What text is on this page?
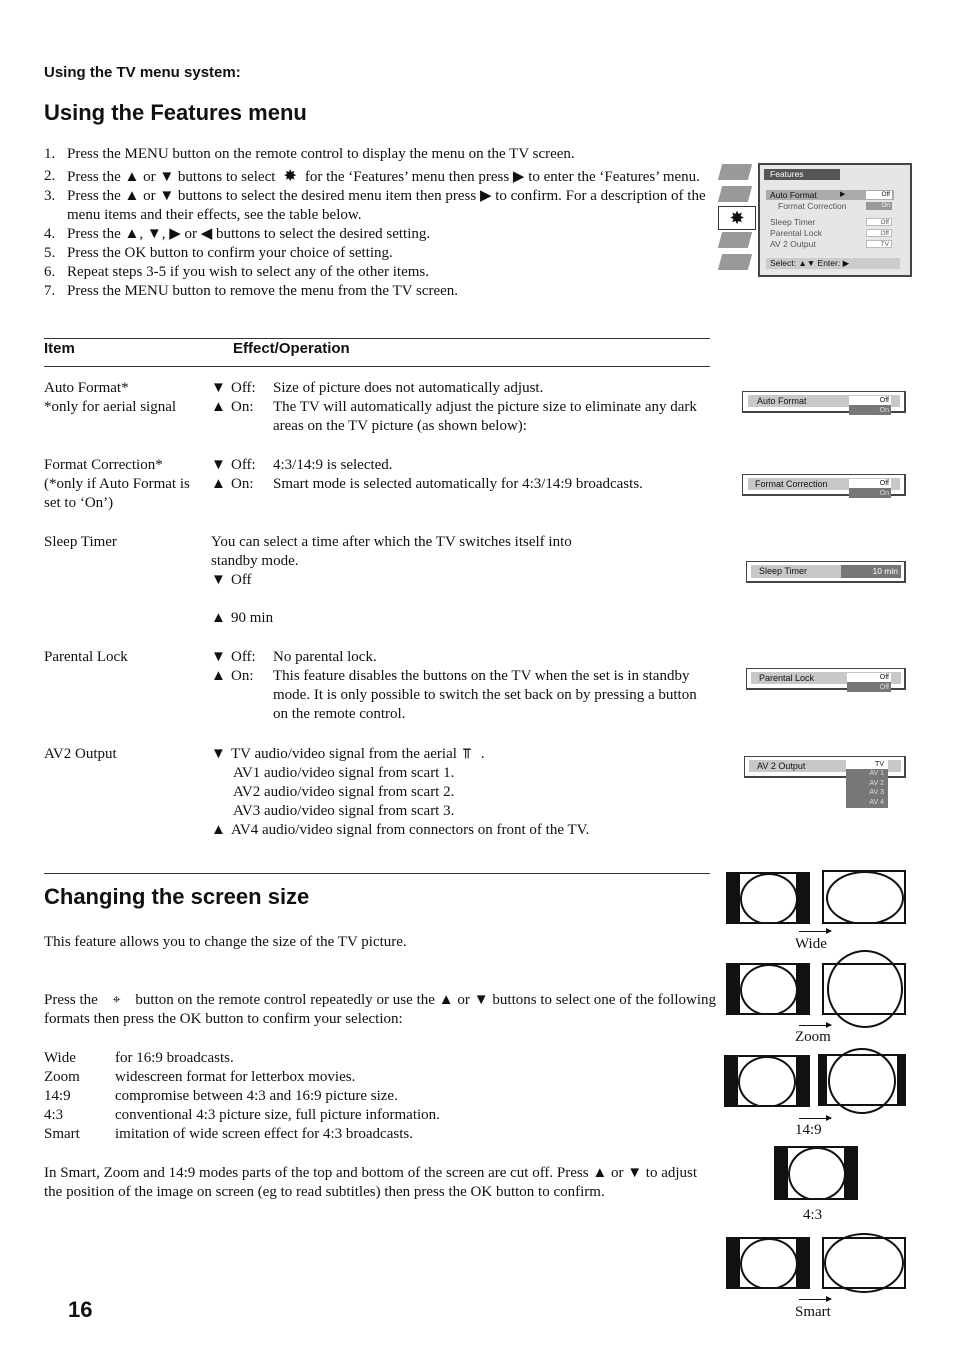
Using the TV menu system:
Using the Features menu
1. Press the MENU button on the remote control to display the menu on the TV screen.
2. Press the ▲ or ▼ buttons to select ✸ for the ‘Features’ menu then press ▶ to enter the ‘Features’ menu.
3. Press the ▲ or ▼ buttons to select the desired menu item then press ▶ to confirm. For a description of the menu items and their effects, see the table below.
4. Press the ▲, ▼, ▶ or ◀ buttons to select the desired setting.
5. Press the OK button to confirm your choice of setting.
6. Repeat steps 3-5 if you wish to select any of the other items.
7. Press the MENU button to remove the menu from the TV screen.
✸
Features
Auto Format	▶	Off
Format Correction	On
Sleep Timer	Off
Parental Lock	Off
AV 2 Output	TV
Select: ▲▼ Enter: ▶
Item	Effect/Operation
Auto Format*
*only for aerial signal
▼ Off:	Size of picture does not automatically adjust.
▲ On:	The TV will automatically adjust the picture size to eliminate any dark areas on the TV picture (as shown below):
Auto Format	Off
On
Format Correction*
(*only if Auto Format is
set to ‘On’)
▼ Off:	4:3/14:9 is selected.
▲ On:	Smart mode is selected automatically for 4:3/14:9 broadcasts.	Format Correction	Off
On
Sleep Timer	You can select a time after which the TV switches itself into standby mode.
▼ Off
▲ 90 min
Sleep Timer	10 min
Parental Lock	▼ Off:	No parental lock.
▲ On:	This feature disables the buttons on the TV when the set is in standby mode. It is only possible to switch the set back on by pressing a button on the remote control.
Parental Lock	Off
Off
AV2 Output	▼ TV audio/video signal from the aerial ⫪ .
AV1 audio/video signal from scart 1.
AV2 audio/video signal from scart 2.
AV3 audio/video signal from scart 3.
▲ AV4 audio/video signal from connectors on front of the TV.
AV 2 Output	TV
AV 1
AV 2
AV 3
AV 4
Changing the screen size
This feature allows you to change the size of the TV picture.
Press the ⌖ button on the remote control repeatedly or use the ▲ or ▼ buttons to select one of the following formats then press the OK button to confirm your selection:
Wide	for 16:9 broadcasts.
Zoom	widescreen format for letterbox movies.
14:9	compromise between 4:3 and 16:9 picture size.
4:3	conventional 4:3 picture size, full picture information.
Smart	imitation of wide screen effect for 4:3 broadcasts.
In Smart, Zoom and 14:9 modes parts of the top and bottom of the screen are cut off. Press ▲ or ▼ to adjust the position of the image on screen (eg to read subtitles) then press the OK button to confirm.
Wide
Zoom
14:9
4:3
Smart
16
